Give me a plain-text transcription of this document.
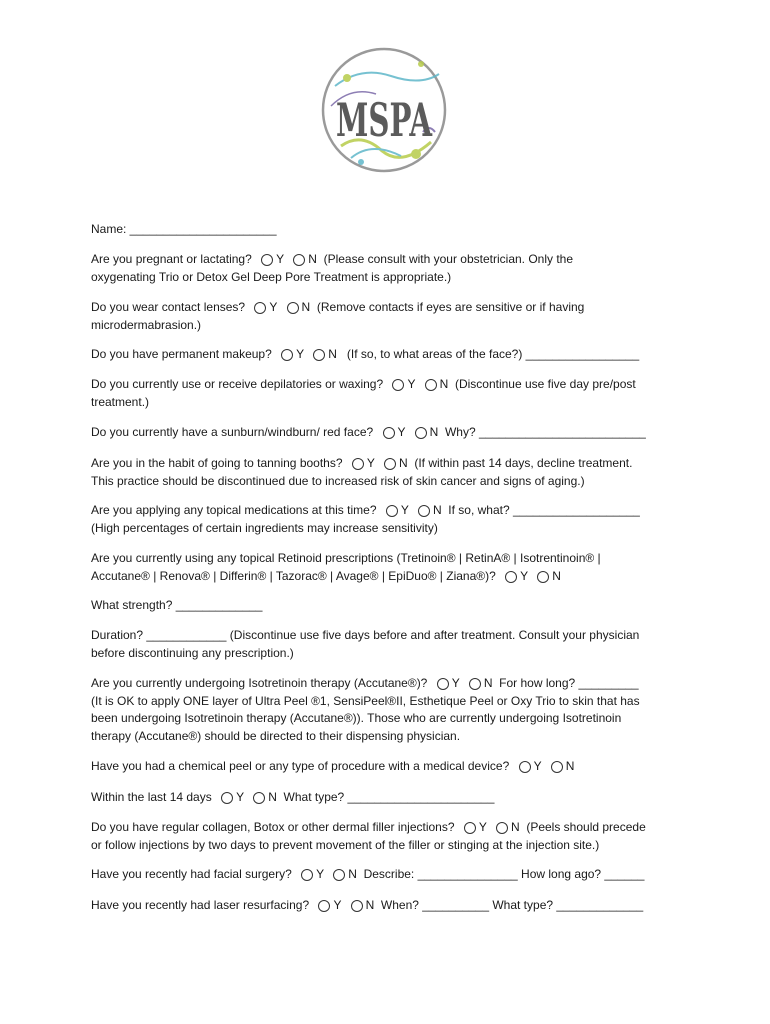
MSPA
Name: ______________________
Are you pregnant or lactating? Y N  (Please consult with your obstetrician. Only the
oxygenating Trio or Detox Gel Deep Pore Treatment is appropriate.)
Do you wear contact lenses? Y N  (Remove contacts if eyes are sensitive or if having
microdermabrasion.)
Do you have permanent makeup? Y N   (If so, to what areas of the face?) _________________
Do you currently use or receive depilatories or waxing? Y N  (Discontinue use five day pre/post
treatment.)
Do you currently have a sunburn/windburn/ red face? Y N  Why? _________________________
Are you in the habit of going to tanning booths? Y N  (If within past 14 days, decline treatment.
This practice should be discontinued due to increased risk of skin cancer and signs of aging.)
Are you applying any topical medications at this time? Y N  If so, what? ___________________
(High percentages of certain ingredients may increase sensitivity)
Are you currently using any topical Retinoid prescriptions (Tretinoin® | RetinA® | Isotrentinoin® |
Accutane® | Renova® | Differin® | Tazorac® | Avage® | EpiDuo® | Ziana®)? Y N
What strength? _____________
Duration? ____________ (Discontinue use five days before and after treatment. Consult your physician
before discontinuing any prescription.)
Are you currently undergoing Isotretinoin therapy (Accutane®)? Y N  For how long? _________
(It is OK to apply ONE layer of Ultra Peel ®1, SensiPeel®II, Esthetique Peel or Oxy Trio to skin that has
been undergoing Isotretinoin therapy (Accutane®)). Those who are currently undergoing Isotretinoin
therapy (Accutane®) should be directed to their dispensing physician.
Have you had a chemical peel or any type of procedure with a medical device? Y N
Within the last 14 days Y N  What type? ______________________
Do you have regular collagen, Botox or other dermal filler injections? Y N  (Peels should precede
or follow injections by two days to prevent movement of the filler or stinging at the injection site.)
Have you recently had facial surgery? Y N  Describe: _______________ How long ago? ______
Have you recently had laser resurfacing? Y N  When? __________ What type? _____________
